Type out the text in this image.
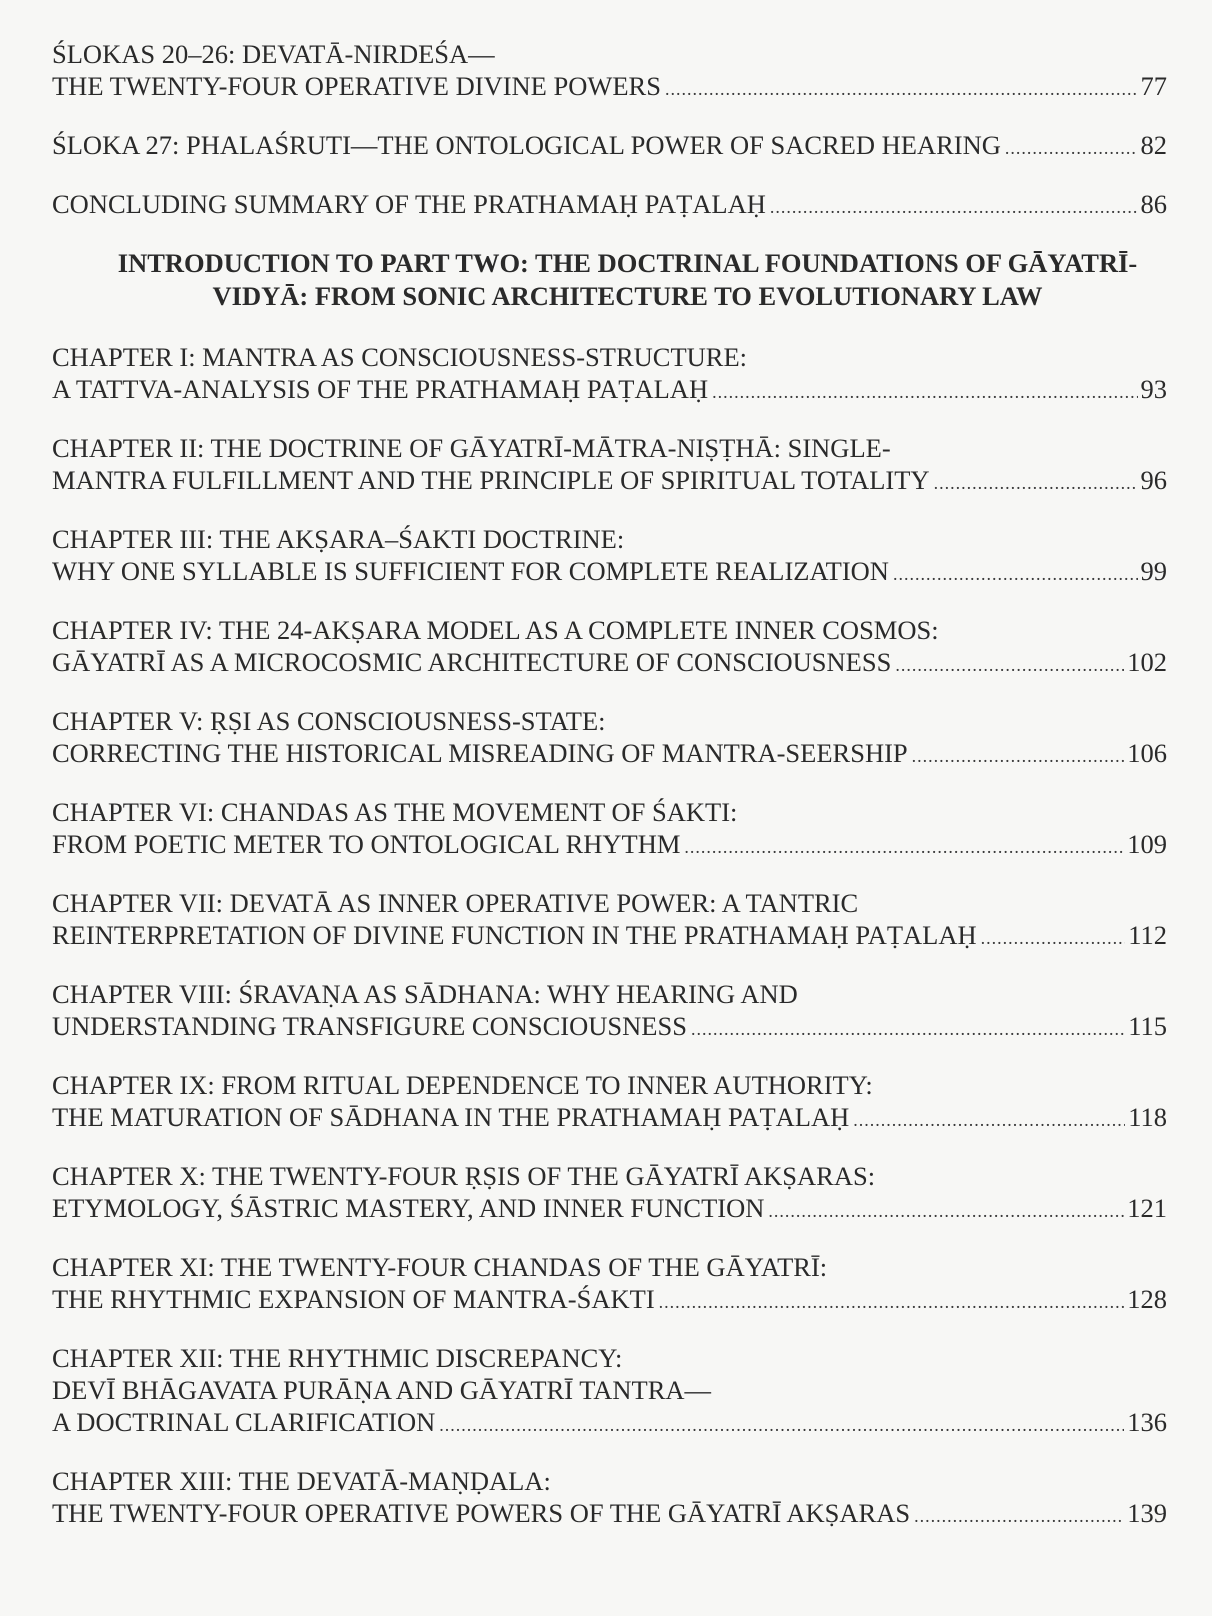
ŚLOKAS 20–26: DEVATĀ-NIRDEŚA—
THE TWENTY-FOUR OPERATIVE DIVINE POWERS .....	77
ŚLOKA 27: PHALAŚRUTI—THE ONTOLOGICAL POWER OF SACRED HEARING .....	82
CONCLUDING SUMMARY OF THE PRATHAMAḤ PAṬALAḤ .....	86
INTRODUCTION TO PART TWO: THE DOCTRINAL FOUNDATIONS OF GĀYATRĪ-
VIDYĀ: FROM SONIC ARCHITECTURE TO EVOLUTIONARY LAW
CHAPTER I: MANTRA AS CONSCIOUSNESS-STRUCTURE:
A TATTVA-ANALYSIS OF THE PRATHAMAḤ PAṬALAḤ .....	93
CHAPTER II: THE DOCTRINE OF GĀYATRĪ-MĀTRA-NIṢṬHĀ: SINGLE-
MANTRA FULFILLMENT AND THE PRINCIPLE OF SPIRITUAL TOTALITY .....	96
CHAPTER III: THE AKṢARA–ŚAKTI DOCTRINE:
WHY ONE SYLLABLE IS SUFFICIENT FOR COMPLETE REALIZATION .....	99
CHAPTER IV: THE 24-AKṢARA MODEL AS A COMPLETE INNER COSMOS:
GĀYATRĪ AS A MICROCOSMIC ARCHITECTURE OF CONSCIOUSNESS .....	102
CHAPTER V: ṚṢI AS CONSCIOUSNESS-STATE:
CORRECTING THE HISTORICAL MISREADING OF MANTRA-SEERSHIP .....	106
CHAPTER VI: CHANDAS AS THE MOVEMENT OF ŚAKTI:
FROM POETIC METER TO ONTOLOGICAL RHYTHM .....	109
CHAPTER VII: DEVATĀ AS INNER OPERATIVE POWER: A TANTRIC
REINTERPRETATION OF DIVINE FUNCTION IN THE PRATHAMAḤ PAṬALAḤ .....	112
CHAPTER VIII: ŚRAVAṆA AS SĀDHANA: WHY HEARING AND
UNDERSTANDING TRANSFIGURE CONSCIOUSNESS .....	115
CHAPTER IX: FROM RITUAL DEPENDENCE TO INNER AUTHORITY:
THE MATURATION OF SĀDHANA IN THE PRATHAMAḤ PAṬALAḤ .....	118
CHAPTER X: THE TWENTY-FOUR ṚṢIS OF THE GĀYATRĪ AKṢARAS:
ETYMOLOGY, ŚĀSTRIC MASTERY, AND INNER FUNCTION .....	121
CHAPTER XI: THE TWENTY-FOUR CHANDAS OF THE GĀYATRĪ:
THE RHYTHMIC EXPANSION OF MANTRA-ŚAKTI .....	128
CHAPTER XII: THE RHYTHMIC DISCREPANCY:
DEVĪ BHĀGAVATA PURĀṆA AND GĀYATRĪ TANTRA—
A DOCTRINAL CLARIFICATION .....	136
CHAPTER XIII: THE DEVATĀ-MAṆḌALA:
THE TWENTY-FOUR OPERATIVE POWERS OF THE GĀYATRĪ AKṢARAS .....	139
